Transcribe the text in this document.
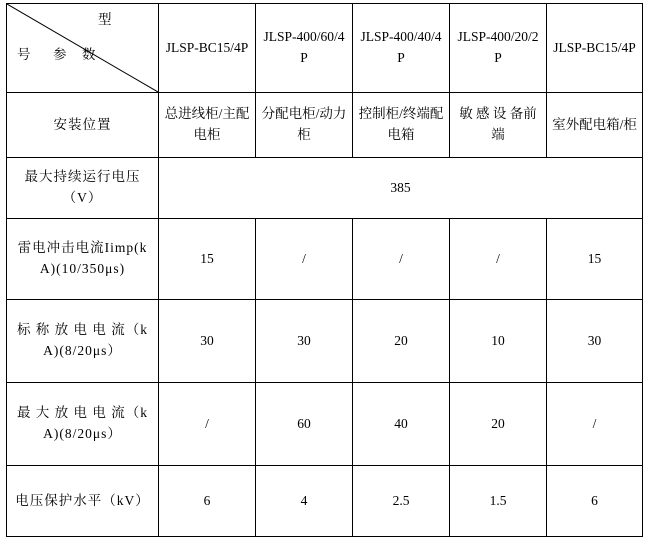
型
号 参 数	JLSP-BC15/4P	JLSP-400/60/4P	JLSP-400/40/4P	JLSP-400/20/2P	JLSP-BC15/4P
安装位置	总进线柜/主配电柜	分配电柜/动力柜	控制柜/终端配电箱	敏 感 设 备前端	室外配电箱/柜
最大持续运行电压（V）	385				
雷电冲击电流Iimp(kA)(10/350μs)	15	/	/	/	15
标 称 放 电 电 流（kA)(8/20μs）	30	30	20	10	30
最 大 放 电 电 流（kA)(8/20μs）	/	60	40	20	/
电压保护水平（kV）	6	4	2.5	1.5	6
